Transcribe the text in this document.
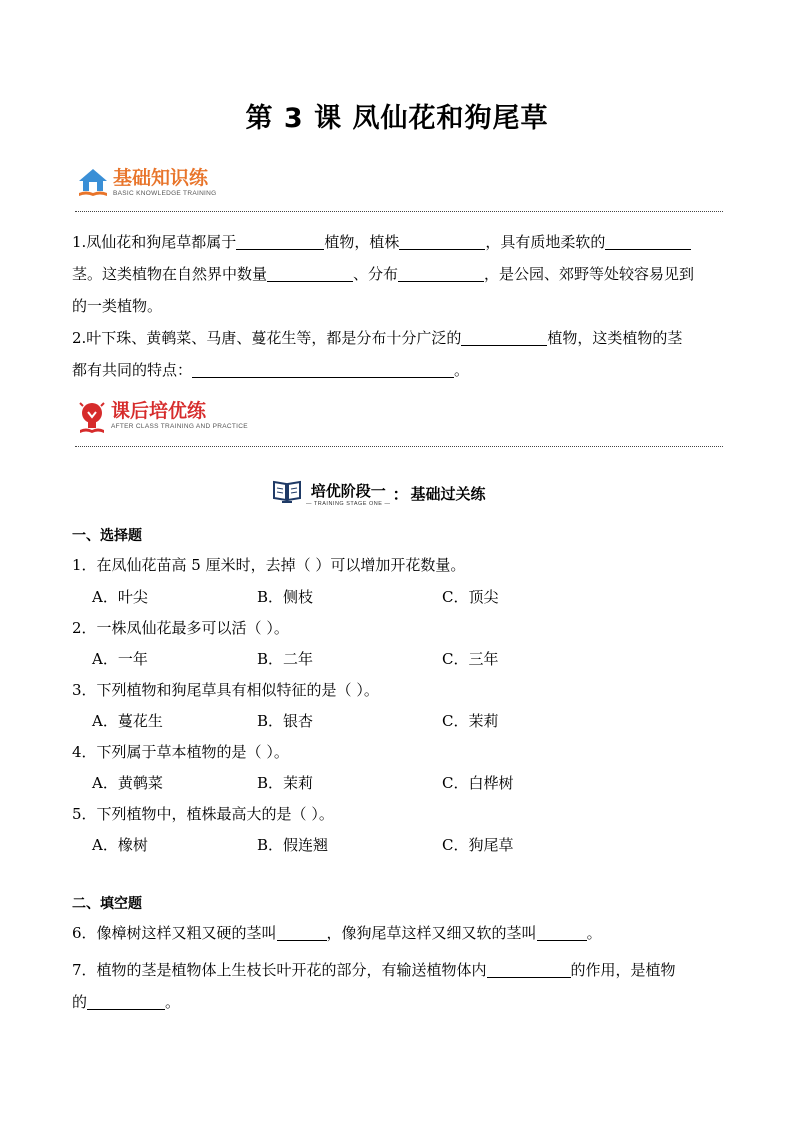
第 3 课 凤仙花和狗尾草
基础知识练
BASIC KNOWLEDGE TRAINING
1.凤仙花和狗尾草都属于	植物，植株	，具有质地柔软的
茎。这类植物在自然界中数量	、分布	，是公园、郊野等处较容易见到
的一类植物。
2.叶下珠、黄鹌菜、马唐、蔓花生等，都是分布十分广泛的	植物，这类植物的茎
都有共同的特点：	。
课后培优练
AFTER CLASS TRAINING AND PRACTICE
培优阶段一
— TRAINING STAGE ONE — ： 基础过关练
一、选择题
1．在凤仙花苗高 5 厘米时，去掉（ ）可以增加开花数量。
A．叶尖	B．侧枝	C．顶尖
2．一株凤仙花最多可以活（ ）。
A．一年	B．二年	C．三年
3．下列植物和狗尾草具有相似特征的是（ ）。
A．蔓花生	B．银杏	C．茉莉
4．下列属于草本植物的是（ ）。
A．黄鹌菜	B．茉莉	C．白桦树
5．下列植物中，植株最高大的是（ ）。
A．橡树	B．假连翘	C．狗尾草
二、填空题
6．像樟树这样又粗又硬的茎叫	，像狗尾草这样又细又软的茎叫	。
7．植物的茎是植物体上生枝长叶开花的部分，有输送植物体内	的作用，是植物
的	。
